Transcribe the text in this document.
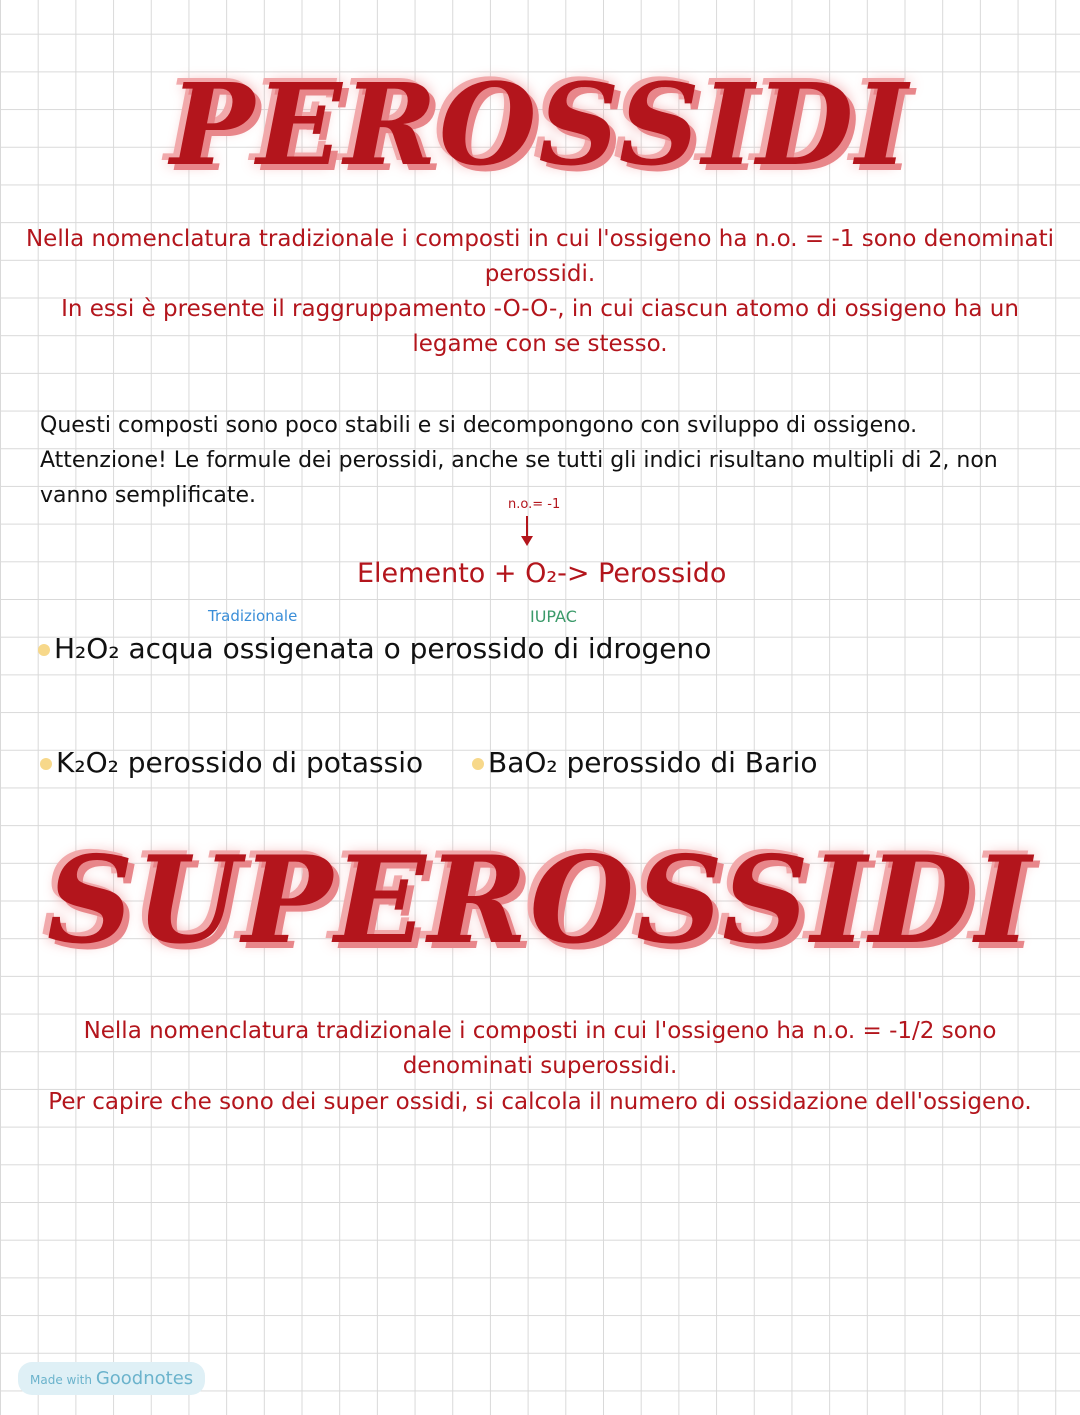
PEROSSIDI
Nella nomenclatura tradizionale i composti in cui l'ossigeno ha n.o. = -1 sono denominati perossidi.
In essi è presente il raggruppamento -O-O-, in cui ciascun atomo di ossigeno ha un legame con se stesso.
Questi composti sono poco stabili e si decompongono con sviluppo di ossigeno.
Attenzione! Le formule dei perossidi, anche se tutti gli indici risultano multipli di 2, non vanno semplificate.	n.o.= -1
Elemento + O₂-> Perossido
Tradizionale	IUPAC
H₂O₂ acqua ossigenata o perossido di idrogeno
K₂O₂ perossido di potassio	BaO₂ perossido di Bario
SUPEROSSIDI
Nella nomenclatura tradizionale i composti in cui l'ossigeno ha n.o. = -1/2 sono denominati superossidi.
Per capire che sono dei super ossidi, si calcola il numero di ossidazione dell'ossigeno.
Made with Goodnotes
